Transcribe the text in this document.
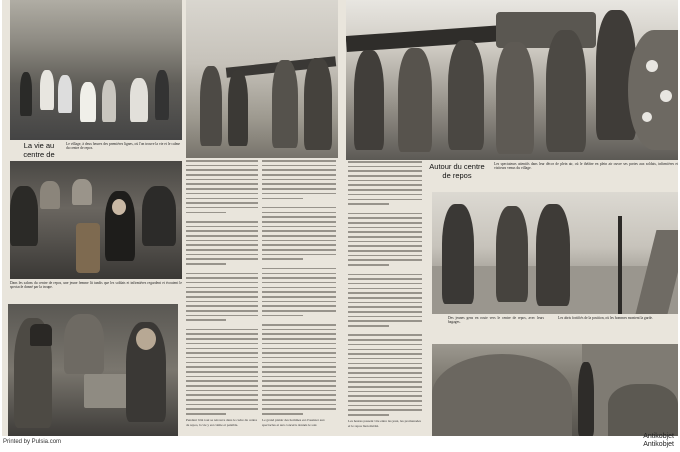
La vie au centre de
Le village, à deux heures des premières lignes, où l'on trouve la vie et le calme du centre de repos.
Dans les salons du centre de repos, une jeune femme lit tandis que les soldats et infirmières regardent et écoutent le spectacle donné par la troupe.
Pendant l'été tout se retrouve dans le cadre du centre de repos, la vie y est calme et paisible.
Le grand plaisir des hommes est d'assister aux spectacles et aux concerts donnés le soir.
Les heures passent vite entre les jeux, les promenades et le repos bien mérité.
Autour du centre de repos
Les spectateurs attentifs dans leur décor de plein air, où le théâtre en plein air ouvre ses portes aux soldats, infirmières et visiteurs venus du village.
Des jeunes gens en route vers le centre de repos, avec leurs bagages.
Les abris fortifiés de la position, où les hommes montent la garde.
Printed by Pulsia.com
Antikobjet
Antikobjet
